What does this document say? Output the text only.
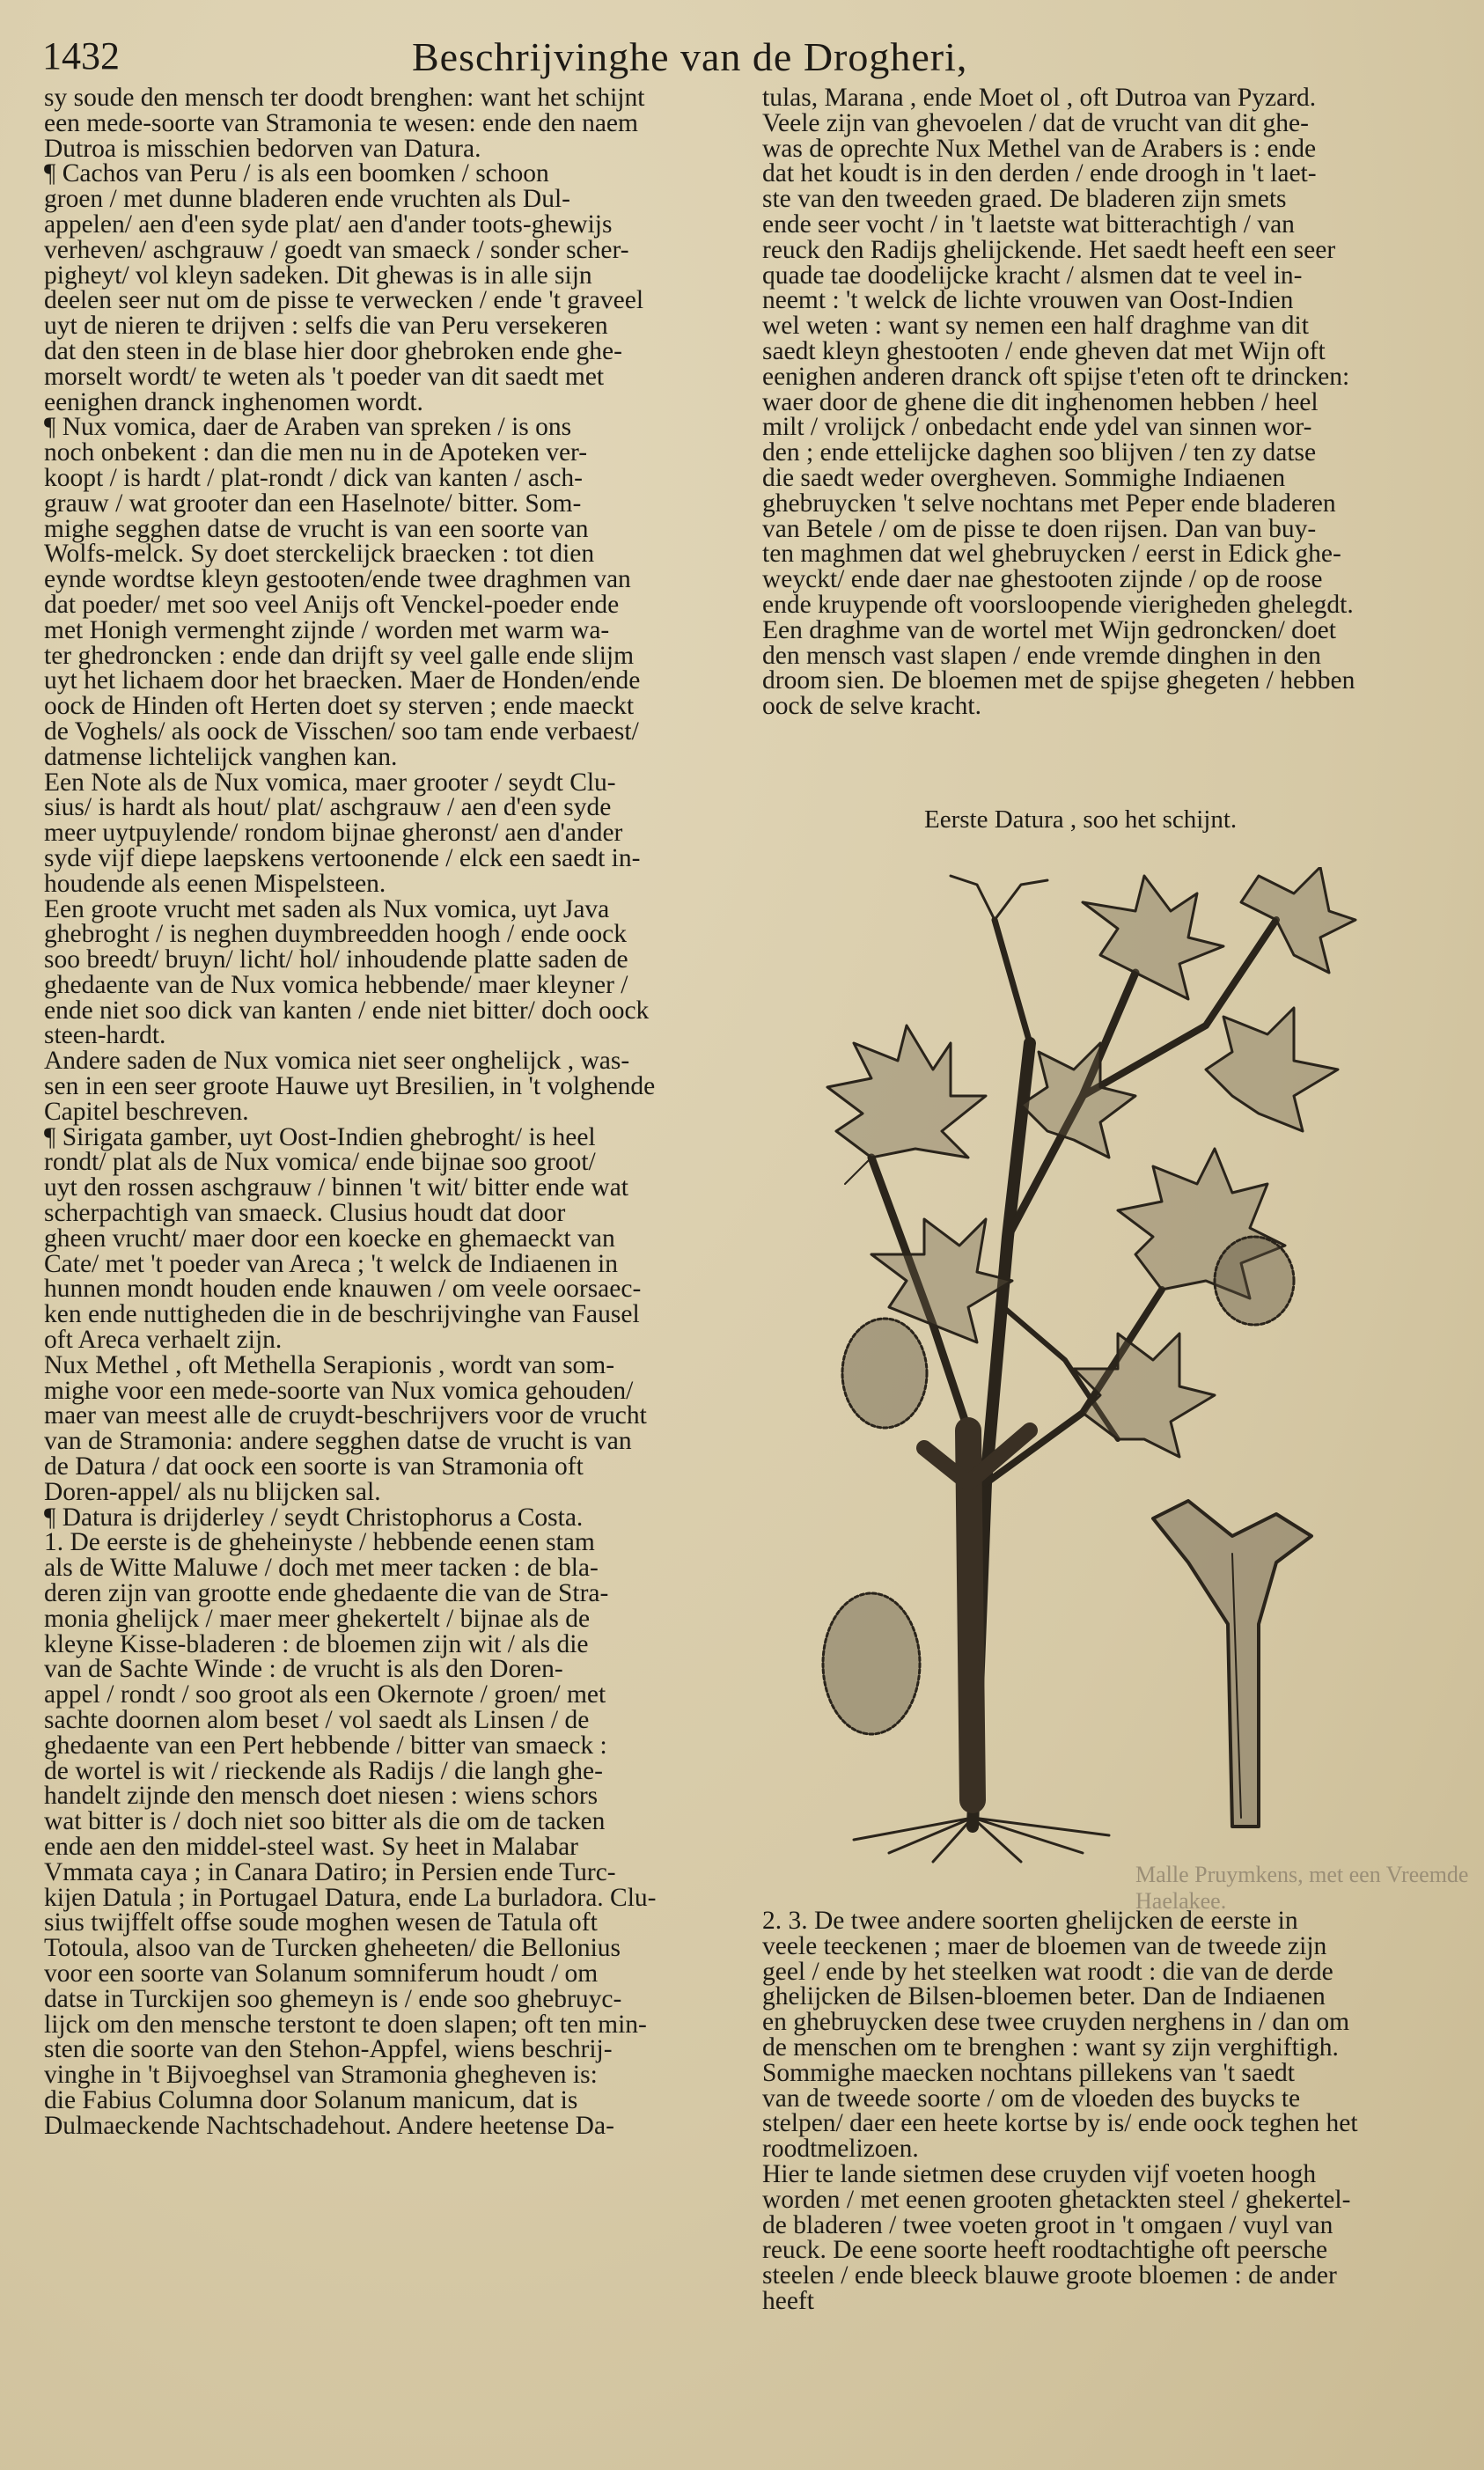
1432	Beschrijvinghe van de Drogheri,

sy soude den mensch ter doodt brenghen: want het schijnt

een mede-soorte van Stramonia te wesen: ende den naem

Dutroa is misschien bedorven van Datura.

¶ Cachos van Peru / is als een boomken / schoon

groen / met dunne bladeren ende vruchten als Dul-

appelen/ aen d'een syde plat/ aen d'ander toots-ghewijs

verheven/ aschgrauw / goedt van smaeck / sonder scher-

pigheyt/ vol kleyn sadeken. Dit ghewas is in alle sijn

deelen seer nut om de pisse te verwecken / ende 't graveel

uyt de nieren te drijven : selfs die van Peru versekeren

dat den steen in de blase hier door ghebroken ende ghe-

morselt wordt/ te weten als 't poeder van dit saedt met

eenighen dranck inghenomen wordt.

¶ Nux vomica, daer de Araben van spreken / is ons

noch onbekent : dan die men nu in de Apoteken ver-

koopt / is hardt / plat-rondt / dick van kanten / asch-

grauw / wat grooter dan een Haselnote/ bitter. Som-

mighe segghen datse de vrucht is van een soorte van

Wolfs-melck. Sy doet sterckelijck braecken : tot dien

eynde wordtse kleyn gestooten/ende twee draghmen van

dat poeder/ met soo veel Anijs oft Venckel-poeder ende

met Honigh vermenght zijnde / worden met warm wa-

ter ghedroncken : ende dan drijft sy veel galle ende slijm

uyt het lichaem door het braecken. Maer de Honden/ende

oock de Hinden oft Herten doet sy sterven ; ende maeckt

de Voghels/ als oock de Visschen/ soo tam ende verbaest/

datmense lichtelijck vanghen kan.

Een Note als de Nux vomica, maer grooter / seydt Clu-

sius/ is hardt als hout/ plat/ aschgrauw / aen d'een syde

meer uytpuylende/ rondom bijnae gheronst/ aen d'ander

syde vijf diepe laepskens vertoonende / elck een saedt in-

houdende als eenen Mispelsteen.

Een groote vrucht met saden als Nux vomica, uyt Java

ghebroght / is neghen duymbreedden hoogh / ende oock

soo breedt/ bruyn/ licht/ hol/ inhoudende platte saden de

ghedaente van de Nux vomica hebbende/ maer kleyner /

ende niet soo dick van kanten / ende niet bitter/ doch oock

steen-hardt.

Andere saden de Nux vomica niet seer onghelijck , was-

sen in een seer groote Hauwe uyt Bresilien, in 't volghende

Capitel beschreven.

¶ Sirigata gamber, uyt Oost-Indien ghebroght/ is heel

rondt/ plat als de Nux vomica/ ende bijnae soo groot/

uyt den rossen aschgrauw / binnen 't wit/ bitter ende wat

scherpachtigh van smaeck. Clusius houdt dat door

gheen vrucht/ maer door een koecke en ghemaeckt van

Cate/ met 't poeder van Areca ; 't welck de Indiaenen in

hunnen mondt houden ende knauwen / om veele oorsaec-

ken ende nuttigheden die in de beschrijvinghe van Fausel

oft Areca verhaelt zijn.

Nux Methel , oft Methella Serapionis , wordt van som-

mighe voor een mede-soorte van Nux vomica gehouden/

maer van meest alle de cruydt-beschrijvers voor de vrucht

van de Stramonia: andere segghen datse de vrucht is van

de Datura / dat oock een soorte is van Stramonia oft

Doren-appel/ als nu blijcken sal.

¶ Datura is drijderley / seydt Christophorus a Costa.

1. De eerste is de gheheinyste / hebbende eenen stam

als de Witte Maluwe / doch met meer tacken : de bla-

deren zijn van grootte ende ghedaente die van de Stra-

monia ghelijck / maer meer ghekertelt / bijnae als de

kleyne Kisse-bladeren : de bloemen zijn wit / als die

van de Sachte Winde : de vrucht is als den Doren-

appel / rondt / soo groot als een Okernote / groen/ met

sachte doornen alom beset / vol saedt als Linsen / de

ghedaente van een Pert hebbende / bitter van smaeck :

de wortel is wit / rieckende als Radijs / die langh ghe-

handelt zijnde den mensch doet niesen : wiens schors

wat bitter is / doch niet soo bitter als die om de tacken

ende aen den middel-steel wast. Sy heet in Malabar

Vmmata caya ; in Canara Datiro; in Persien ende Turc-

kijen Datula ; in Portugael Datura, ende La burladora. Clu-

sius twijffelt offse soude moghen wesen de Tatula oft

Totoula, alsoo van de Turcken gheheeten/ die Bellonius

voor een soorte van Solanum somniferum houdt / om

datse in Turckijen soo ghemeyn is / ende soo ghebruyc-

lijck om den mensche terstont te doen slapen; oft ten min-

sten die soorte van den Stehon-Appfel, wiens beschrij-

vinghe in 't Bijvoeghsel van Stramonia ghegheven is:

die Fabius Columna door Solanum manicum, dat is

Dulmaeckende Nachtschadehout. Andere heetense Da-

tulas, Marana , ende Moet ol , oft Dutroa van Pyzard.

Veele zijn van ghevoelen / dat de vrucht van dit ghe-

was de oprechte Nux Methel van de Arabers is : ende

dat het koudt is in den derden / ende droogh in 't laet-

ste van den tweeden graed. De bladeren zijn smets

ende seer vocht / in 't laetste wat bitterachtigh / van

reuck den Radijs ghelijckende. Het saedt heeft een seer

quade tae doodelijcke kracht / alsmen dat te veel in-

neemt : 't welck de lichte vrouwen van Oost-Indien

wel weten : want sy nemen een half draghme van dit

saedt kleyn ghestooten / ende gheven dat met Wijn oft

eenighen anderen dranck oft spijse t'eten oft te drincken:

waer door de ghene die dit inghenomen hebben / heel

milt / vrolijck / onbedacht ende ydel van sinnen wor-

den ; ende ettelijcke daghen soo blijven / ten zy datse

die saedt weder overgheven. Sommighe Indiaenen

ghebruycken 't selve nochtans met Peper ende bladeren

van Betele / om de pisse te doen rijsen. Dan van buy-

ten maghmen dat wel ghebruycken / eerst in Edick ghe-

weyckt/ ende daer nae ghestooten zijnde / op de roose

ende kruypende oft voorsloopende vierigheden ghelegdt.

Een draghme van de wortel met Wijn gedroncken/ doet

den mensch vast slapen / ende vremde dinghen in den

droom sien. De bloemen met de spijse ghegeten / hebben

oock de selve kracht.

Eerste Datura , soo het schijnt.
Malle Pruymkens, met een Vreemde Haelakee.

2. 3. De twee andere soorten ghelijcken de eerste in

veele teeckenen ; maer de bloemen van de tweede zijn

geel / ende by het steelken wat roodt : die van de derde

ghelijcken de Bilsen-bloemen beter. Dan de Indiaenen

en ghebruycken dese twee cruyden nerghens in / dan om

de menschen om te brenghen : want sy zijn verghiftigh.

Sommighe maecken nochtans pillekens van 't saedt

van de tweede soorte / om de vloeden des buycks te

stelpen/ daer een heete kortse by is/ ende oock teghen het

roodtmelizoen.

Hier te lande sietmen dese cruyden vijf voeten hoogh

worden / met eenen grooten ghetackten steel / ghekertel-

de bladeren / twee voeten groot in 't omgaen / vuyl van

reuck. De eene soorte heeft roodtachtighe oft peersche

steelen / ende bleeck blauwe groote bloemen : de ander

heeft
